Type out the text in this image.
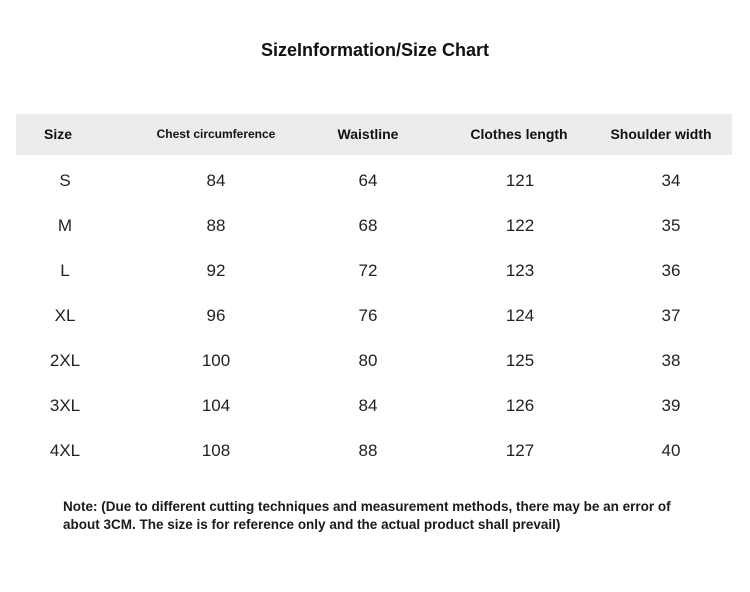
SizeInformation/Size Chart
Size	Chest circumference	Waistline	Clothes length	Shoulder width
S	84	64	121	34
M	88	68	122	35
L	92	72	123	36
XL	96	76	124	37
2XL	100	80	125	38
3XL	104	84	126	39
4XL	108	88	127	40

Note: (Due to different cutting techniques and measurement methods, there may be an error of about 3CM. The size is for reference only and the actual product shall prevail)
